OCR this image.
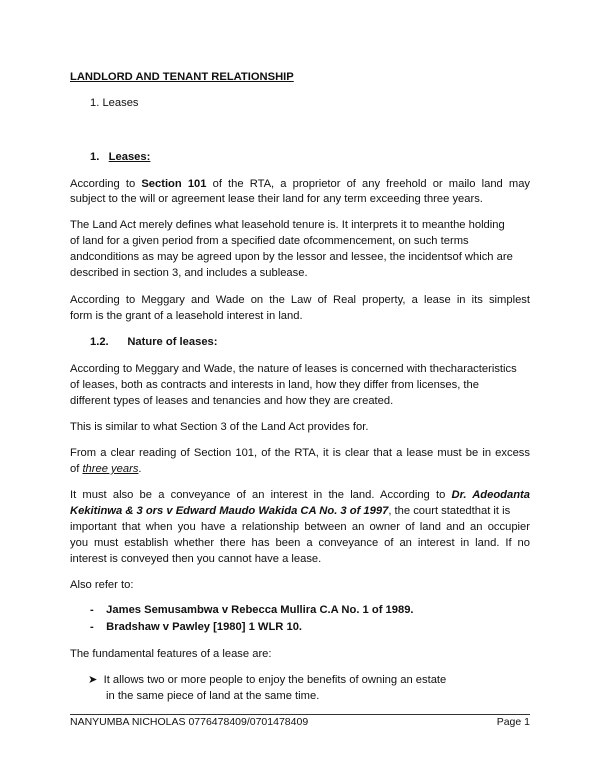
LANDLORD AND TENANT RELATIONSHIP
1. Leases
1. Leases:
According to Section 101 of the RTA, a proprietor of any freehold or mailo land may
subject to the will or agreement lease their land for any term exceeding three years.
The Land Act merely defines what leasehold tenure is. It interprets it to meanthe holding
of land for a given period from a specified date ofcommencement, on such terms
andconditions as may be agreed upon by the lessor and lessee, the incidentsof which are
described in section 3, and includes a sublease.
According to Meggary and Wade on the Law of Real property, a lease in its simplest
form is the grant of a leasehold interest in land.
1.2. Nature of leases:
According to Meggary and Wade, the nature of leases is concerned with thecharacteristics
of leases, both as contracts and interests in land, how they differ from licenses, the
different types of leases and tenancies and how they are created.
This is similar to what Section 3 of the Land Act provides for.
From a clear reading of Section 101, of the RTA, it is clear that a lease must be in excess
of three years.
It must also be a conveyance of an interest in the land. According to Dr. Adeodanta
Kekitinwa & 3 ors v Edward Maudo Wakida CA No. 3 of 1997, the court statedthat it is
important that when you have a relationship between an owner of land and an occupier
you must establish whether there has been a conveyance of an interest in land. If no
interest is conveyed then you cannot have a lease.
Also refer to:
- James Semusambwa v Rebecca Mullira C.A No. 1 of 1989.
- Bradshaw v Pawley [1980] 1 WLR 10.
The fundamental features of a lease are:
➤ It allows two or more people to enjoy the benefits of owning an estate
in the same piece of land at the same time.
NANYUMBA NICHOLAS 0776478409/0701478409	Page 1
